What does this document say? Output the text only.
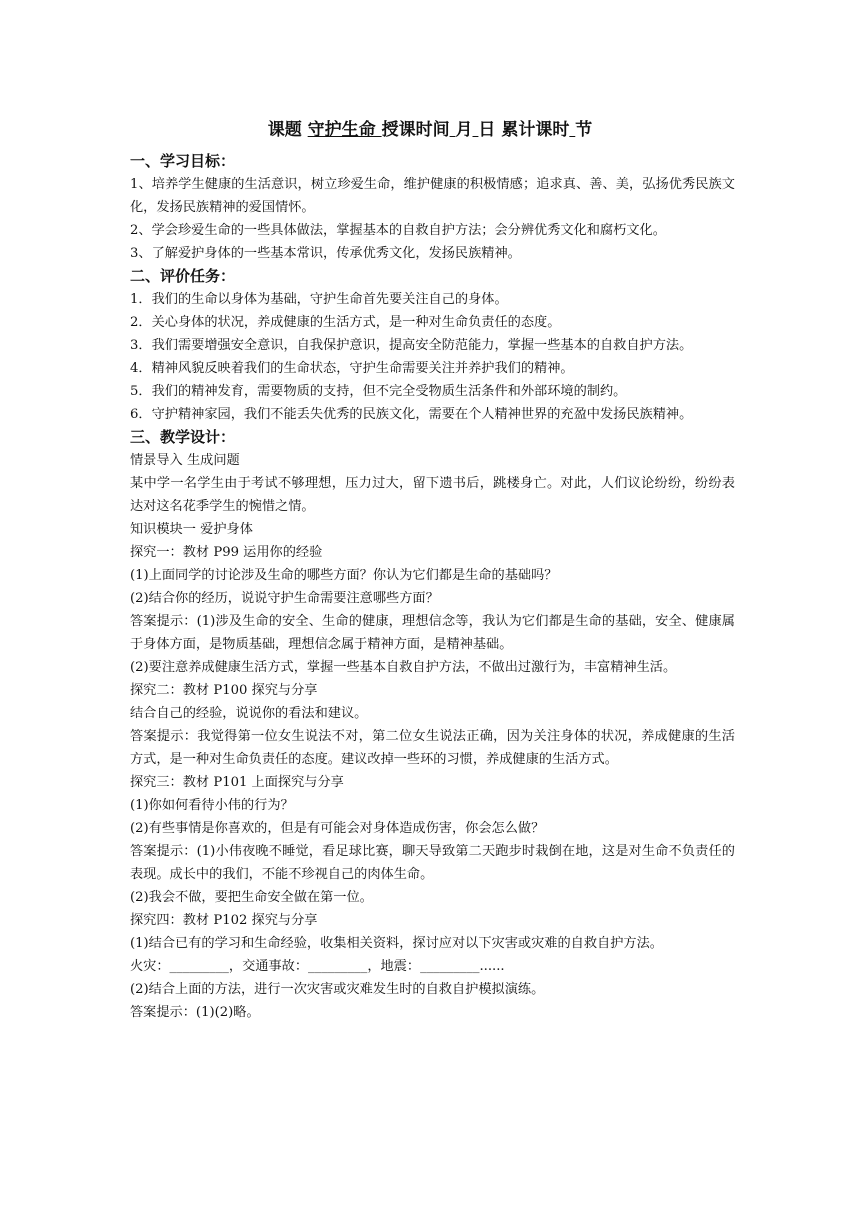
课题 守护生命 授课时间 月 日 累计课时 节

一、学习目标：

1、培养学生健康的生活意识，树立珍爱生命，维护健康的积极情感；追求真、善、美，弘扬优秀民族文化，发扬民族精神的爱国情怀。

2、学会珍爱生命的一些具体做法，掌握基本的自救自护方法；会分辨优秀文化和腐朽文化。

3、了解爱护身体的一些基本常识，传承优秀文化，发扬民族精神。

二、评价任务：

1．我们的生命以身体为基础，守护生命首先要关注自己的身体。

2．关心身体的状况，养成健康的生活方式，是一种对生命负责任的态度。

3．我们需要增强安全意识，自我保护意识，提高安全防范能力，掌握一些基本的自救自护方法。

4．精神风貌反映着我们的生命状态，守护生命需要关注并养护我们的精神。

5．我们的精神发育，需要物质的支持，但不完全受物质生活条件和外部环境的制约。

6．守护精神家园，我们不能丢失优秀的民族文化，需要在个人精神世界的充盈中发扬民族精神。

三、教学设计：

情景导入 生成问题

某中学一名学生由于考试不够理想，压力过大，留下遗书后，跳楼身亡。对此，人们议论纷纷，纷纷表达对这名花季学生的惋惜之情。

知识模块一 爱护身体

探究一：教材 P99 运用你的经验

(1)上面同学的讨论涉及生命的哪些方面？你认为它们都是生命的基础吗？

(2)结合你的经历，说说守护生命需要注意哪些方面？

答案提示：(1)涉及生命的安全、生命的健康，理想信念等，我认为它们都是生命的基础，安全、健康属于身体方面，是物质基础，理想信念属于精神方面，是精神基础。

(2)要注意养成健康生活方式，掌握一些基本自救自护方法，不做出过激行为，丰富精神生活。

探究二：教材 P100 探究与分享

结合自己的经验，说说你的看法和建议。

答案提示：我觉得第一位女生说法不对，第二位女生说法正确，因为关注身体的状况，养成健康的生活方式，是一种对生命负责任的态度。建议改掉一些环的习惯，养成健康的生活方式。

探究三：教材 P101 上面探究与分享

(1)你如何看待小伟的行为？

(2)有些事情是你喜欢的，但是有可能会对身体造成伤害，你会怎么做？

答案提示：(1)小伟夜晚不睡觉，看足球比赛，聊天导致第二天跑步时栽倒在地，这是对生命不负责任的表现。成长中的我们，不能不珍视自己的肉体生命。

(2)我会不做，要把生命安全做在第一位。

探究四：教材 P102 探究与分享

(1)结合已有的学习和生命经验，收集相关资料，探讨应对以下灾害或灾难的自救自护方法。

火灾：_________，交通事故：_________，地震：_________......

(2)结合上面的方法，进行一次灾害或灾难发生时的自救自护模拟演练。

答案提示：(1)(2)略。
